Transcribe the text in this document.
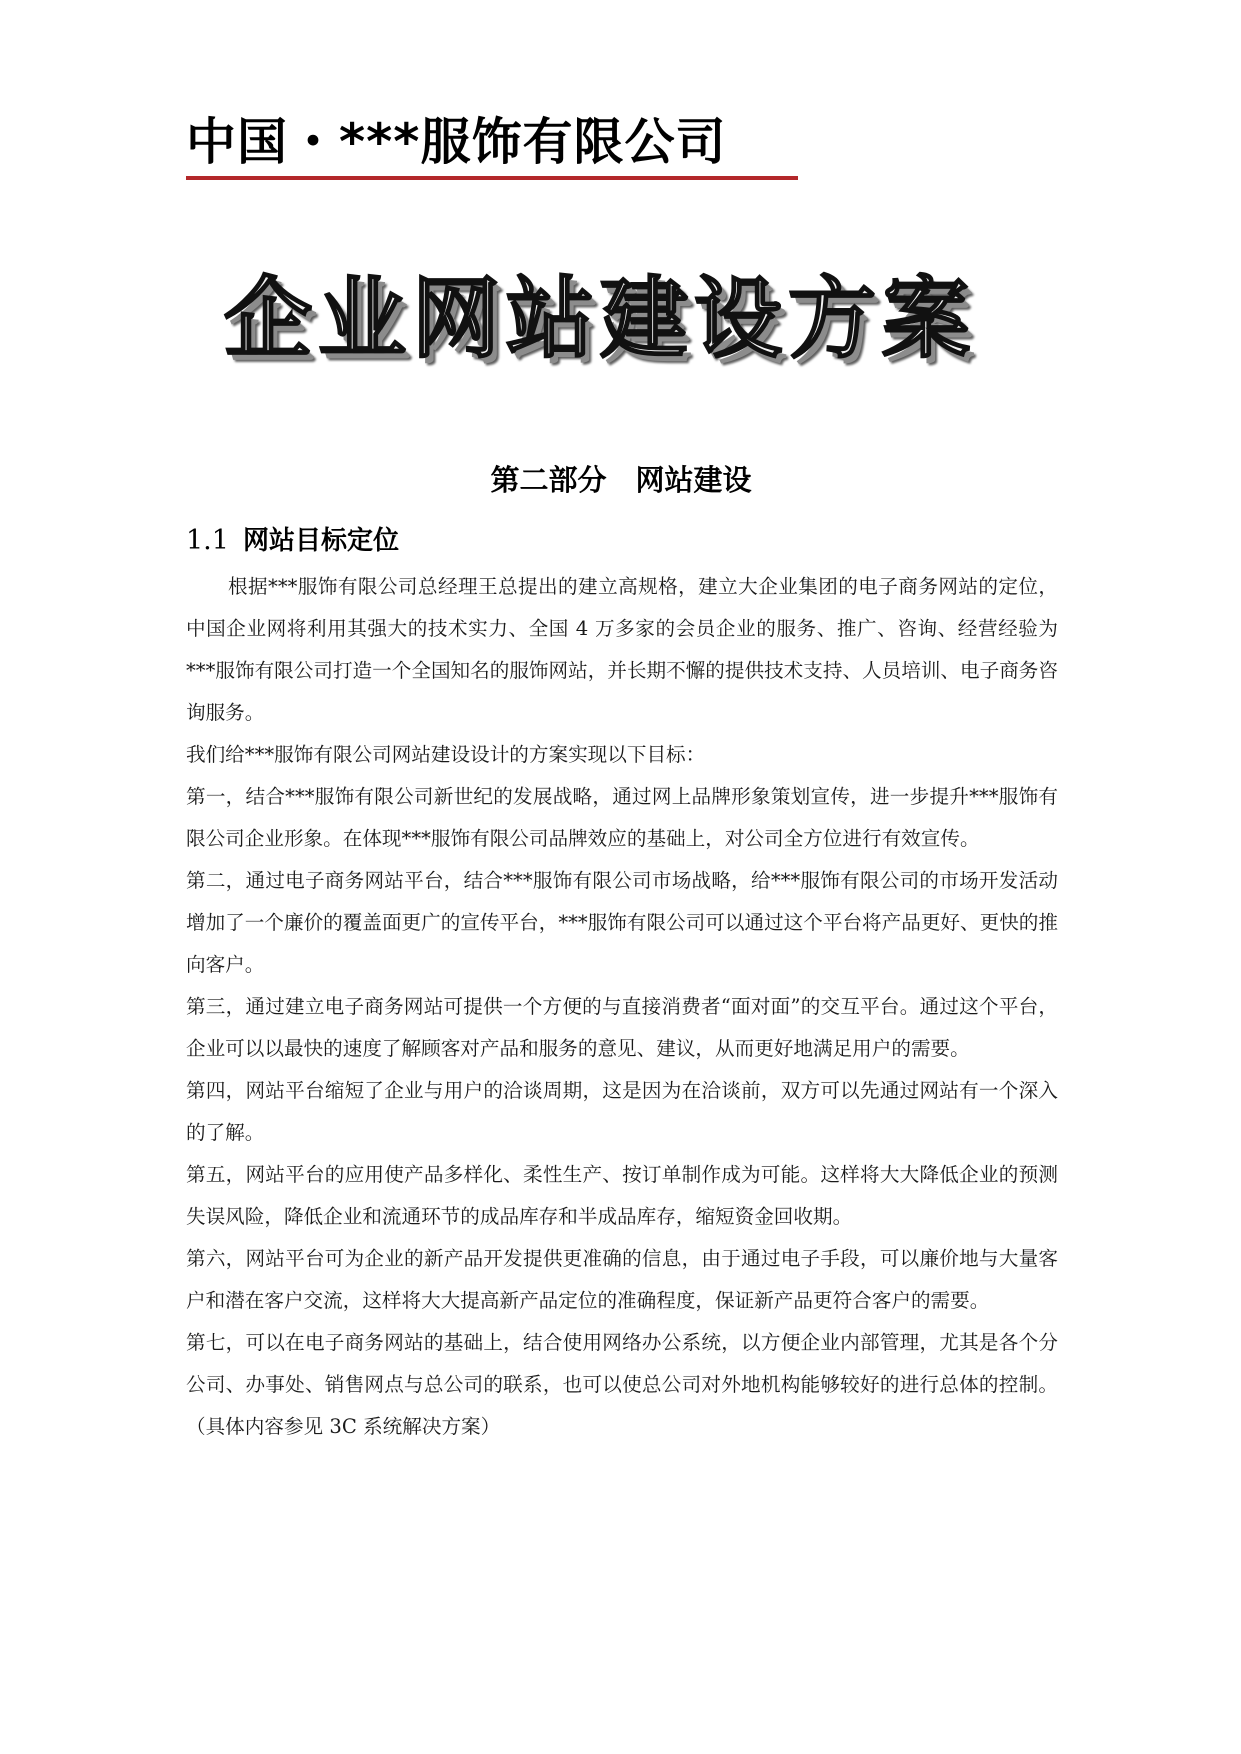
中国・***服饰有限公司
企业网站建设方案
第二部分　网站建设
1.1 网站目标定位

根据***服饰有限公司总经理王总提出的建立高规格，建立大企业集团的电子商务网站的定位，中国企业网将利用其强大的技术实力、全国 4 万多家的会员企业的服务、推广、咨询、经营经验为***服饰有限公司打造一个全国知名的服饰网站，并长期不懈的提供技术支持、人员培训、电子商务咨询服务。

我们给***服饰有限公司网站建设设计的方案实现以下目标：

第一，结合***服饰有限公司新世纪的发展战略，通过网上品牌形象策划宣传，进一步提升***服饰有限公司企业形象。在体现***服饰有限公司品牌效应的基础上，对公司全方位进行有效宣传。

第二，通过电子商务网站平台，结合***服饰有限公司市场战略，给***服饰有限公司的市场开发活动增加了一个廉价的覆盖面更广的宣传平台，***服饰有限公司可以通过这个平台将产品更好、更快的推向客户。

第三，通过建立电子商务网站可提供一个方便的与直接消费者“面对面”的交互平台。通过这个平台，企业可以以最快的速度了解顾客对产品和服务的意见、建议，从而更好地满足用户的需要。

第四，网站平台缩短了企业与用户的洽谈周期，这是因为在洽谈前，双方可以先通过网站有一个深入的了解。

第五，网站平台的应用使产品多样化、柔性生产、按订单制作成为可能。这样将大大降低企业的预测失误风险，降低企业和流通环节的成品库存和半成品库存，缩短资金回收期。

第六，网站平台可为企业的新产品开发提供更准确的信息，由于通过电子手段，可以廉价地与大量客户和潜在客户交流，这样将大大提高新产品定位的准确程度，保证新产品更符合客户的需要。

第七，可以在电子商务网站的基础上，结合使用网络办公系统，以方便企业内部管理，尤其是各个分公司、办事处、销售网点与总公司的联系，也可以使总公司对外地机构能够较好的进行总体的控制。（具体内容参见 3C 系统解决方案）
